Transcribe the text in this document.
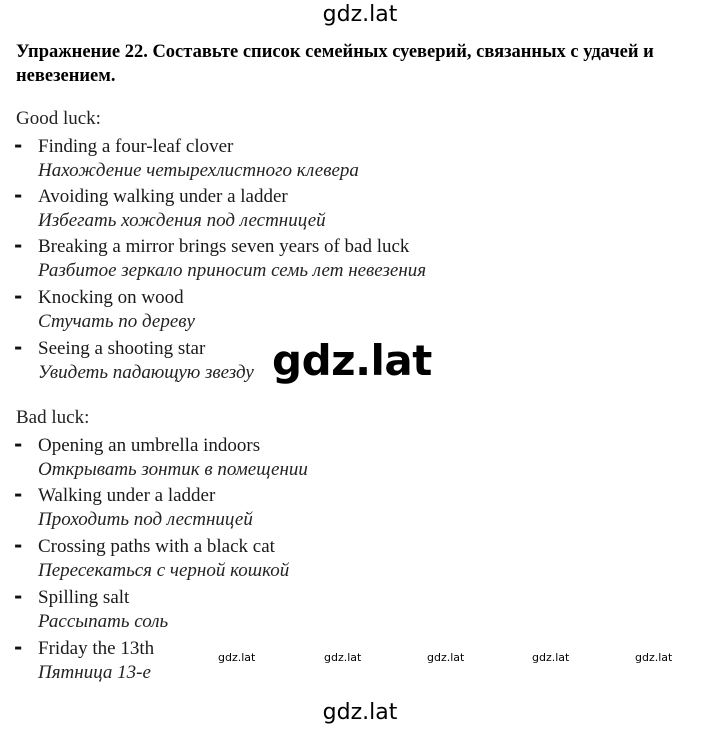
gdz.lat
Упражнение 22. Составьте список семейных суеверий, связанных с удачей и невезением.
Good luck:
- Finding a four-leaf clover
Нахождение четырехлистного клевера
- Avoiding walking under a ladder
Избегать хождения под лестницей
- Breaking a mirror brings seven years of bad luck
Разбитое зеркало приносит семь лет невезения
- Knocking on wood
Стучать по дереву
- Seeing a shooting star
Увидеть падающую звезду gdz.lat
Bad luck:
- Opening an umbrella indoors
Открывать зонтик в помещении
- Walking under a ladder
Проходить под лестницей
- Crossing paths with a black cat
Пересекаться с черной кошкой
- Spilling salt
Рассыпать соль
- Friday the 13th
Пятница 13-е
gdz.lat	gdz.lat	gdz.lat	gdz.lat	gdz.lat
gdz.lat
